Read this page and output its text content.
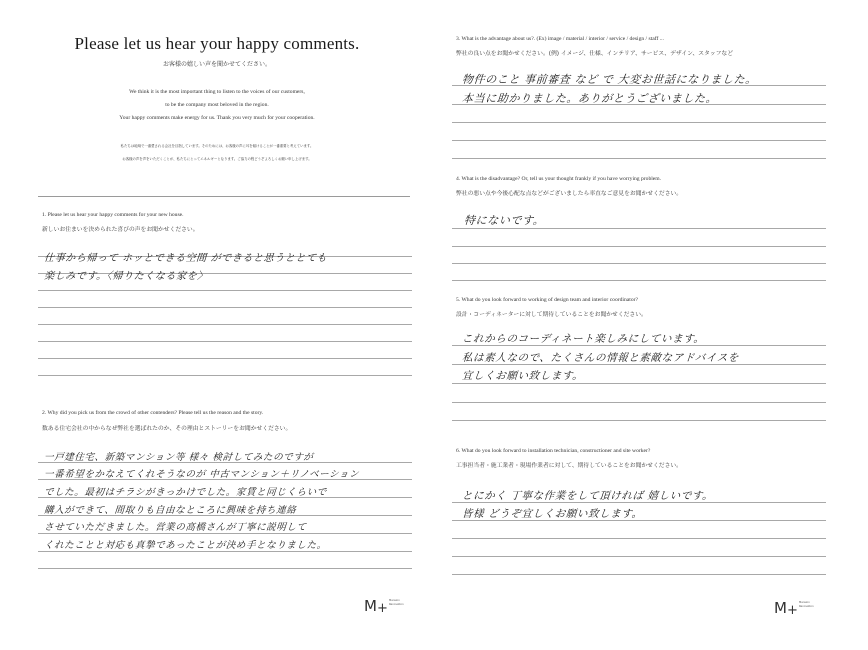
Please let us hear your happy comments.
お客様の嬉しい声を聞かせてください。
We think it is the most important thing to listen to the voices of our customers,
to be the company most beloved in the region.
Your happy comments make energy for us. Thank you very much for your cooperation.
私たちは地域で一番愛される会社を目指しています。そのためには、お客様の声に耳を傾けることが一番重要と考えています。
お客様の声を声をいただくことが、私たちにとってエネルギーとなります。ご協力の程どうぞよろしくお願い申し上げます。
1. Please let us hear your happy comments for your new house.
新しいお住まいを決められた喜びの声をお聞かせください。
仕事から帰って ホッとできる空間 ができると思うととても
楽しみです。〈帰りたくなる家を〉
2. Why did you pick us from the crowd of other contenders? Please tell us the reason and the story.
数ある住宅会社の中からなぜ弊社を選ばれたのか、その理由とストーリーをお聞かせください。
一戸建住宅、新築マンション等 様々 検討してみたのですが
一番希望をかなえてくれそうなのが 中古マンション＋リノベーション
でした。最初はチラシがきっかけでした。家賃と同じくらいで
購入ができて、間取りも自由なところに興味を持ち連絡
させていただきました。営業の高橋さんが丁寧に説明して
くれたことと対応も真摯であったことが決め手となりました。
M+
Mansion
Renovation
3. What is the advantage about us?. (Ex) image / material / interior / service / design / staff ...
弊社の良い点をお聞かせください。(例) イメージ、仕様、インテリア、サービス、デザイン、スタッフなど
物件のこと 事前審査 など で 大変お世話になりました。
本当に助かりました。ありがとうございました。
4. What is the disadvantage? Or, tell us your thought frankly if you have worrying problem.
弊社の悪い点や今後心配な点などがございましたら率直なご意見をお聞かせください。
特にないです。
5. What do you look forward to working of design team and interior coordinator?
設計・コーディネーターに対して期待していることをお聞かせください。
これからのコーディネート楽しみにしています。
私は素人なので、たくさんの情報と素敵なアドバイスを
宜しくお願い致します。
6. What do you look forward to installation technician, constructioner and site worker?
工事担当者・施工業者・現場作業者に対して、期待していることをお聞かせください。
とにかく 丁寧な作業をして頂ければ 嬉しいです。
皆様 どうぞ宜しくお願い致します。
M+
Mansion
Renovation
